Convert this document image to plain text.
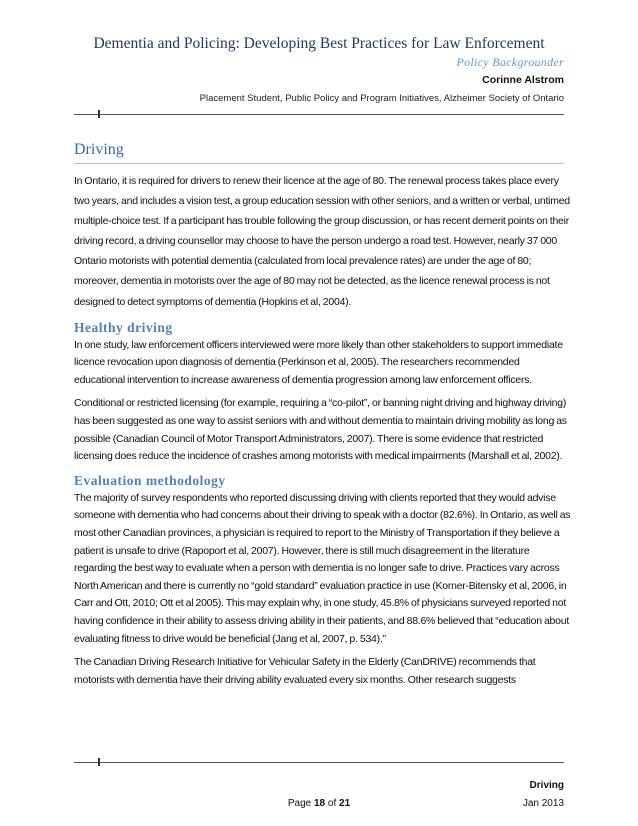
Dementia and Policing: Developing Best Practices for Law Enforcement
Policy Backgrounder
Corinne Alstrom
Placement Student, Public Policy and Program Initiatives, Alzheimer Society of Ontario
Driving

In Ontario, it is required for drivers to renew their licence at the age of 80. The renewal process takes place every two years, and includes a vision test, a group education session with other seniors, and a written or verbal, untimed multiple-choice test. If a participant has trouble following the group discussion, or has recent demerit points on their driving record, a driving counsellor may choose to have the person undergo a road test. However, nearly 37 000 Ontario motorists with potential dementia (calculated from local prevalence rates) are under the age of 80; moreover, dementia in motorists over the age of 80 may not be detected, as the licence renewal process is not designed to detect symptoms of dementia (Hopkins et al, 2004).

Healthy driving

In one study, law enforcement officers interviewed were more likely than other stakeholders to support immediate licence revocation upon diagnosis of dementia (Perkinson et al, 2005). The researchers recommended educational intervention to increase awareness of dementia progression among law enforcement officers.

Conditional or restricted licensing (for example, requiring a “co-pilot”, or banning night driving and highway driving) has been suggested as one way to assist seniors with and without dementia to maintain driving mobility as long as possible (Canadian Council of Motor Transport Administrators, 2007). There is some evidence that restricted licensing does reduce the incidence of crashes among motorists with medical impairments (Marshall et al, 2002).

Evaluation methodology

The majority of survey respondents who reported discussing driving with clients reported that they would advise someone with dementia who had concerns about their driving to speak with a doctor (82.6%). In Ontario, as well as most other Canadian provinces, a physician is required to report to the Ministry of Transportation if they believe a patient is unsafe to drive (Rapoport et al, 2007). However, there is still much disagreement in the literature regarding the best way to evaluate when a person with dementia is no longer safe to drive. Practices vary across North American and there is currently no “gold standard” evaluation practice in use (Korner-Bitensky et al, 2006, in Carr and Ott, 2010; Ott et al 2005). This may explain why, in one study, 45.8% of physicians surveyed reported not having confidence in their ability to assess driving ability in their patients, and 88.6% believed that “education about evaluating fitness to drive would be beneficial (Jang et al, 2007, p. 534).”

The Canadian Driving Research Initiative for Vehicular Safety in the Elderly (CanDRIVE) recommends that motorists with dementia have their driving ability evaluated every six months. Other research suggests

Driving
Page 18 of 21	Jan 2013
